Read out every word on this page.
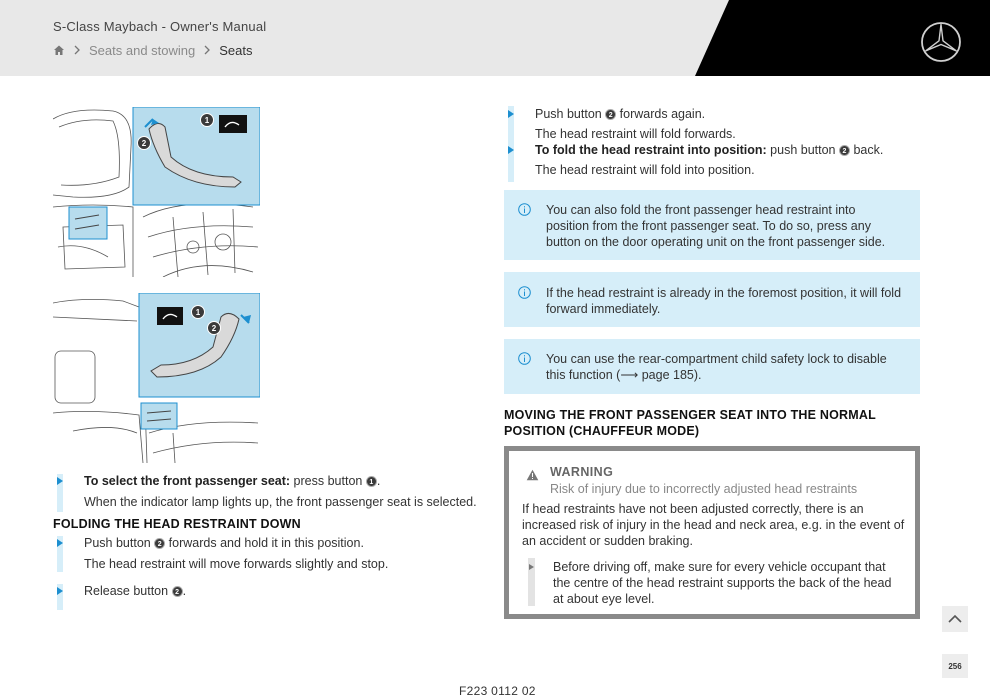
S-Class Maybach - Owner's Manual
Seats and stowing Seats
1
2
1
2
To select the front passenger seat: press button 1 .
When the indicator lamp lights up, the front passenger seat is selected.
FOLDING THE HEAD RESTRAINT DOWN
Push button 2 forwards and hold it in this position.
The head restraint will move forwards slightly and stop.
Release button 2 .
Push button 2 forwards again.
The head restraint will fold forwards.
To fold the head restraint into position: push button 2 back.
The head restraint will fold into position.
You can also fold the front passenger head restraint into position from the front passenger seat. To do so, press any button on the door operating unit on the front passenger side.
If the head restraint is already in the foremost position, it will fold forward immediately.
You can use the rear-compartment child safety lock to disable this function (⟶ page 185).
MOVING THE FRONT PASSENGER SEAT INTO THE NORMAL POSITION (CHAUFFEUR MODE)
WARNING
Risk of injury due to incorrectly adjusted head restraints
If head restraints have not been adjusted correctly, there is an increased risk of injury in the head and neck area, e.g. in the event of an accident or sudden braking.
Before driving off, make sure for every vehicle occupant that the centre of the head restraint supports the back of the head at about eye level.
256
F223 0112 02
